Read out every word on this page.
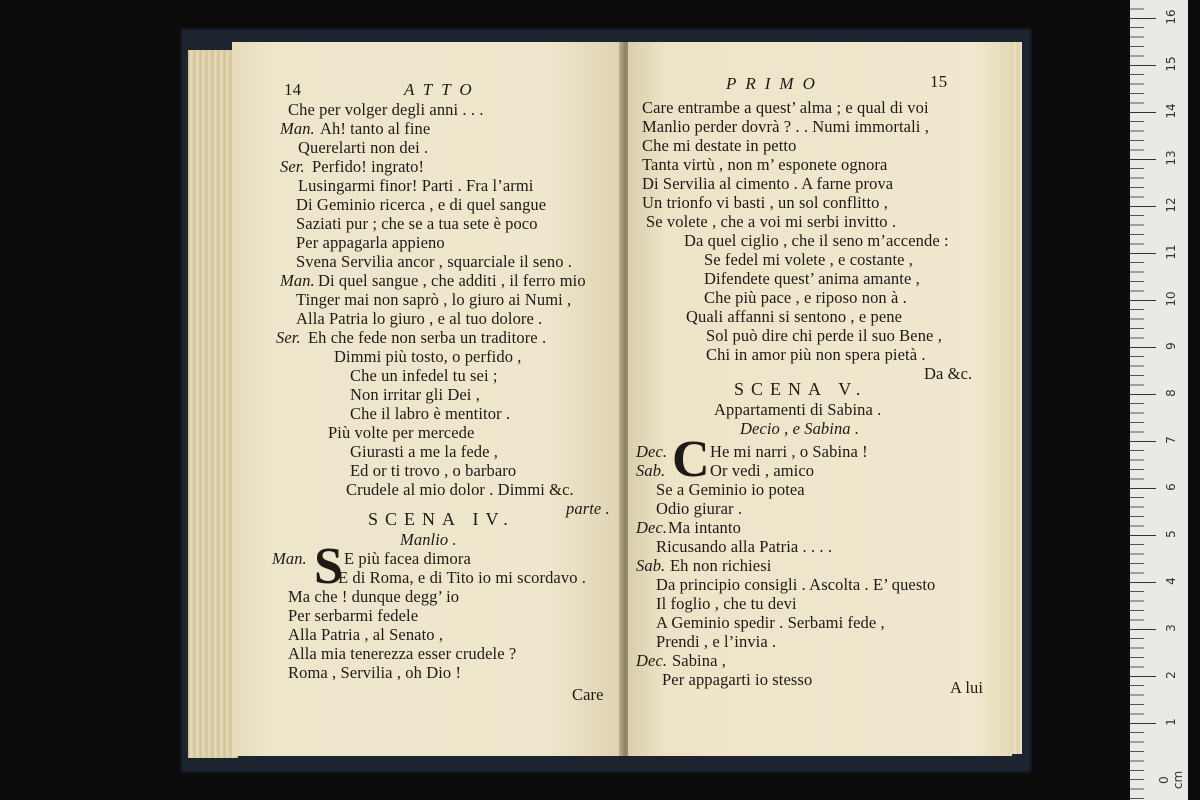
14	ATTO
Che per volger degli anni . . .
Man. Ah! tanto al fine
Querelarti non dei .
Ser. Perfido! ingrato!
Lusingarmi finor! Parti . Fra l’armi
Di Geminio ricerca , e di quel sangue
Saziati pur ; che se a tua sete è poco
Per appagarla appieno
Svena Servilia ancor , squarciale il seno .
Man. Di quel sangue , che additi , il ferro mio
Tinger mai non saprò , lo giuro ai Numi ,
Alla Patria lo giuro , e al tuo dolore .
Ser. Eh che fede non serba un traditore .
Dimmi più tosto, o perfido ,
Che un infedel tu sei ;
Non irritar gli Dei ,
Che il labro è mentitor .
Più volte per mercede
Giurasti a me la fede ,
Ed or ti trovo , o barbaro
Crudele al mio dolor . Dimmi &c.
parte .
SCENA IV.
Manlio .
Man. S E più facea dimora
E di Roma, e di Tito io mi scordavo .
Ma che ! dunque degg’ io
Per serbarmi fedele
Alla Patria , al Senato ,
Alla mia tenerezza esser crudele ?
Roma , Servilia , oh Dio !
Care
PRIMO	15
Care entrambe a quest’ alma ; e qual di voi
Manlio perder dovrà ? . . Numi immortali ,
Che mi destate in petto
Tanta virtù , non m’ esponete ognora
Di Servilia al cimento . A farne prova
Un trionfo vi basti , un sol conflitto ,
Se volete , che a voi mi serbi invitto .
Da quel ciglio , che il seno m’accende :
Se fedel mi volete , e costante ,
Difendete quest’ anima amante ,
Che più pace , e riposo non à .
Quali affanni si sentono , e pene
Sol può dire chi perde il suo Bene ,
Chi in amor più non spera pietà .
Da &c.
SCENA V.
Appartamenti di Sabina .
Decio , e Sabina .
Dec. C He mi narri , o Sabina !
Sab.	Or vedi , amico
Se a Geminio io potea
Odio giurar .
Dec. Ma intanto
Ricusando alla Patria . . . .
Sab. Eh non richiesi
Da principio consigli . Ascolta . E’ questo
Il foglio , che tu devi
A Geminio spedir . Serbami fede ,
Prendi , e l’invia .
Dec. Sabina ,
Per appagarti io stesso	A lui
0 cm
1
2
3
4
5
6
7
8
9
10
11
12
13
14
15
16
